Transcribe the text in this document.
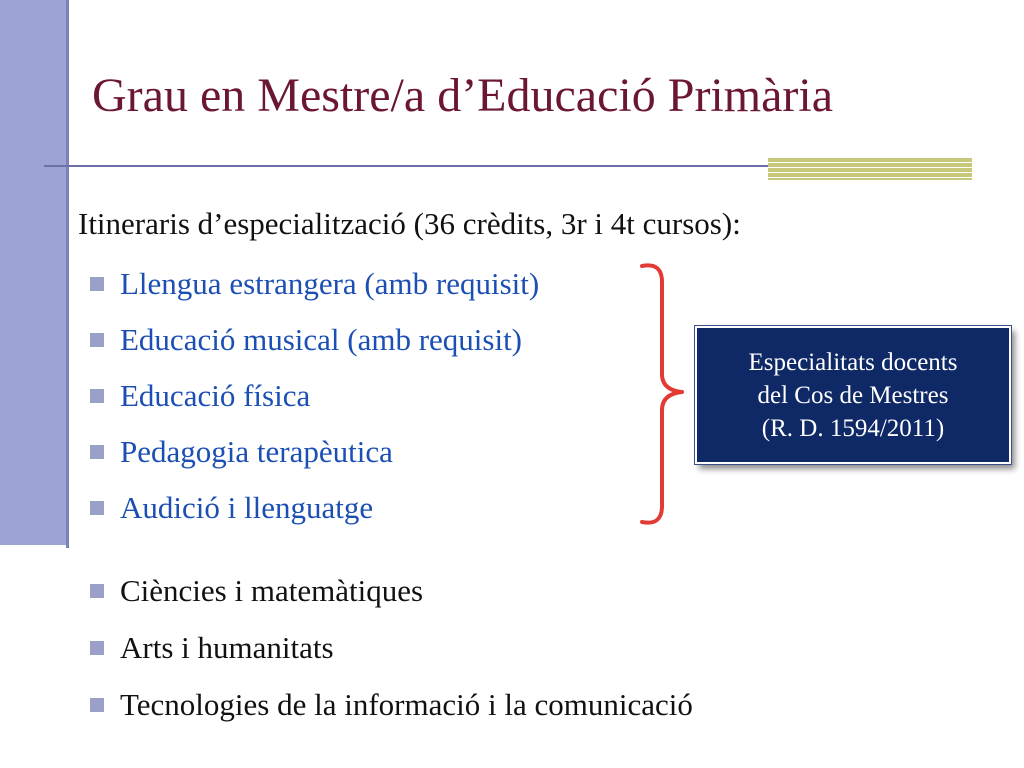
Grau en Mestre/a d’Educació Primària
Itineraris d’especialització (36 crèdits, 3r i 4t cursos):
Llengua estrangera (amb requisit)
Educació musical (amb requisit)
Educació física
Pedagogia terapèutica
Audició i llenguatge
Ciències i matemàtiques
Arts i humanitats
Tecnologies de la informació i la comunicació
Especialitats docents
del Cos de Mestres
(R. D. 1594/2011)
